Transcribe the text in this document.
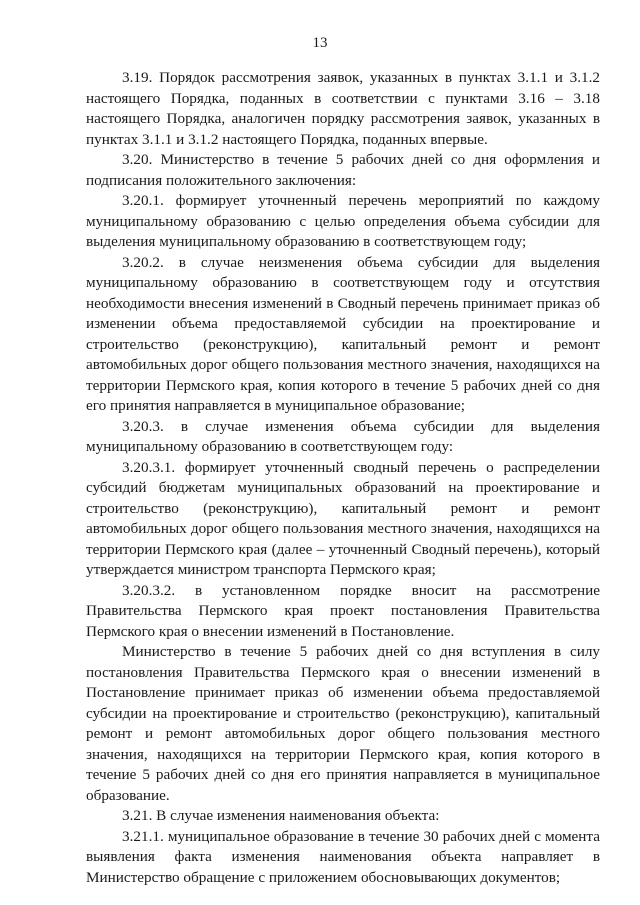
13

3.19. Порядок рассмотрения заявок, указанных в пунктах 3.1.1 и 3.1.2 настоящего Порядка, поданных в соответствии с пунктами 3.16 – 3.18 настоящего Порядка, аналогичен порядку рассмотрения заявок, указанных в пунктах 3.1.1 и 3.1.2 настоящего Порядка, поданных впервые.

3.20. Министерство в течение 5 рабочих дней со дня оформления и подписания положительного заключения:

3.20.1. формирует уточненный перечень мероприятий по каждому муниципальному образованию с целью определения объема субсидии для выделения муниципальному образованию в соответствующем году;

3.20.2. в случае неизменения объема субсидии для выделения муниципальному образованию в соответствующем году и отсутствия необходимости внесения изменений в Сводный перечень принимает приказ об изменении объема предоставляемой субсидии на проектирование и строительство (реконструкцию), капитальный ремонт и ремонт автомобильных дорог общего пользования местного значения, находящихся на территории Пермского края, копия которого в течение 5 рабочих дней со дня его принятия направляется в муниципальное образование;

3.20.3. в случае изменения объема субсидии для выделения муниципальному образованию в соответствующем году:

3.20.3.1. формирует уточненный сводный перечень о распределении субсидий бюджетам муниципальных образований на проектирование и строительство (реконструкцию), капитальный ремонт и ремонт автомобильных дорог общего пользования местного значения, находящихся на территории Пермского края (далее – уточненный Сводный перечень), который утверждается министром транспорта Пермского края;

3.20.3.2. в установленном порядке вносит на рассмотрение Правительства Пермского края проект постановления Правительства Пермского края о внесении изменений в Постановление.

Министерство в течение 5 рабочих дней со дня вступления в силу постановления Правительства Пермского края о внесении изменений в Постановление принимает приказ об изменении объема предоставляемой субсидии на проектирование и строительство (реконструкцию), капитальный ремонт и ремонт автомобильных дорог общего пользования местного значения, находящихся на территории Пермского края, копия которого в течение 5 рабочих дней со дня его принятия направляется в муниципальное образование.

3.21. В случае изменения наименования объекта:

3.21.1. муниципальное образование в течение 30 рабочих дней с момента выявления факта изменения наименования объекта направляет в Министерство обращение с приложением обосновывающих документов;
